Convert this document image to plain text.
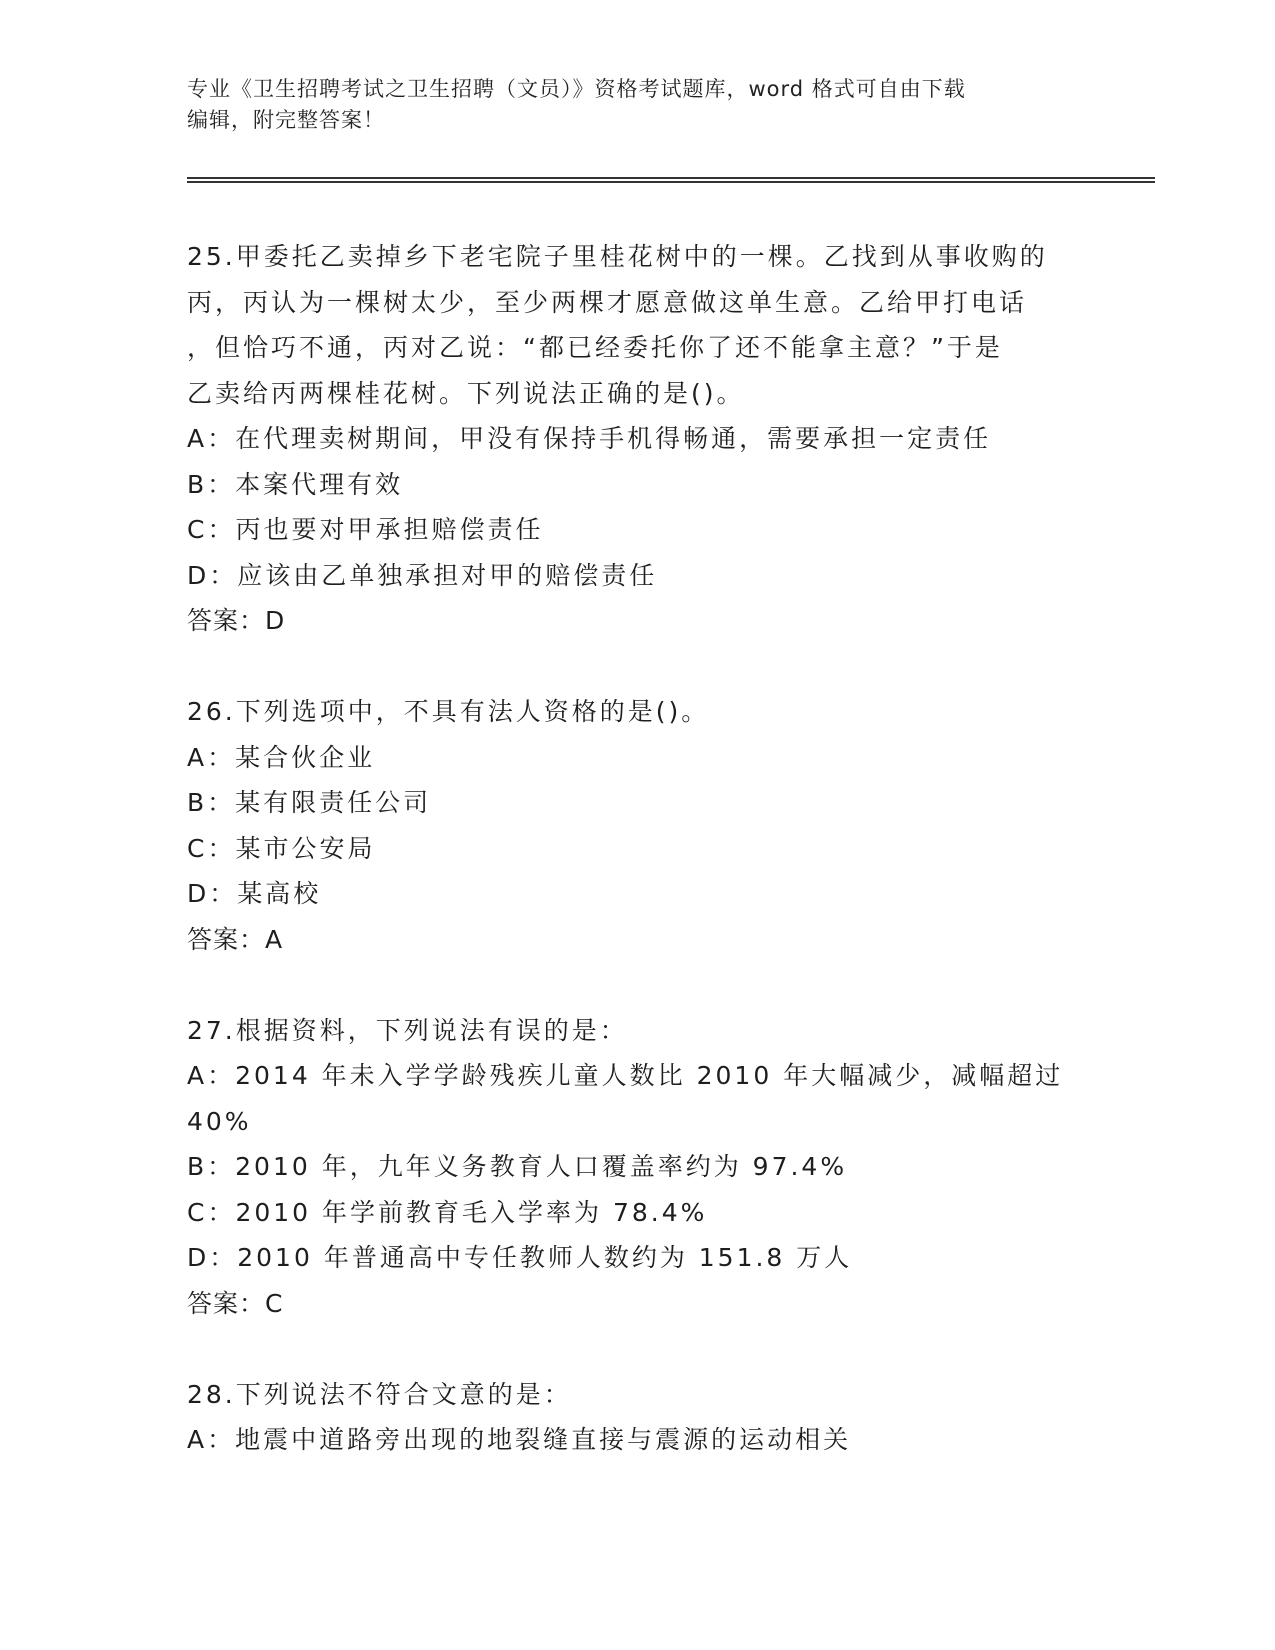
专业《卫生招聘考试之卫生招聘（文员）》资格考试题库，word 格式可自由下载
编辑，附完整答案！
25.甲委托乙卖掉乡下老宅院子里桂花树中的一棵。乙找到从事收购的
丙，丙认为一棵树太少，至少两棵才愿意做这单生意。乙给甲打电话
，但恰巧不通，丙对乙说：“都已经委托你了还不能拿主意？”于是
乙卖给丙两棵桂花树。下列说法正确的是()。
A：在代理卖树期间，甲没有保持手机得畅通，需要承担一定责任
B：本案代理有效
C：丙也要对甲承担赔偿责任
D：应该由乙单独承担对甲的赔偿责任
答案：D
26.下列选项中，不具有法人资格的是()。
A：某合伙企业
B：某有限责任公司
C：某市公安局
D：某高校
答案：A
27.根据资料，下列说法有误的是：
A：2014 年未入学学龄残疾儿童人数比 2010 年大幅减少，减幅超过
40%
B：2010 年，九年义务教育人口覆盖率约为 97.4%
C：2010 年学前教育毛入学率为 78.4%
D：2010 年普通高中专任教师人数约为 151.8 万人
答案：C
28.下列说法不符合文意的是：
A：地震中道路旁出现的地裂缝直接与震源的运动相关
